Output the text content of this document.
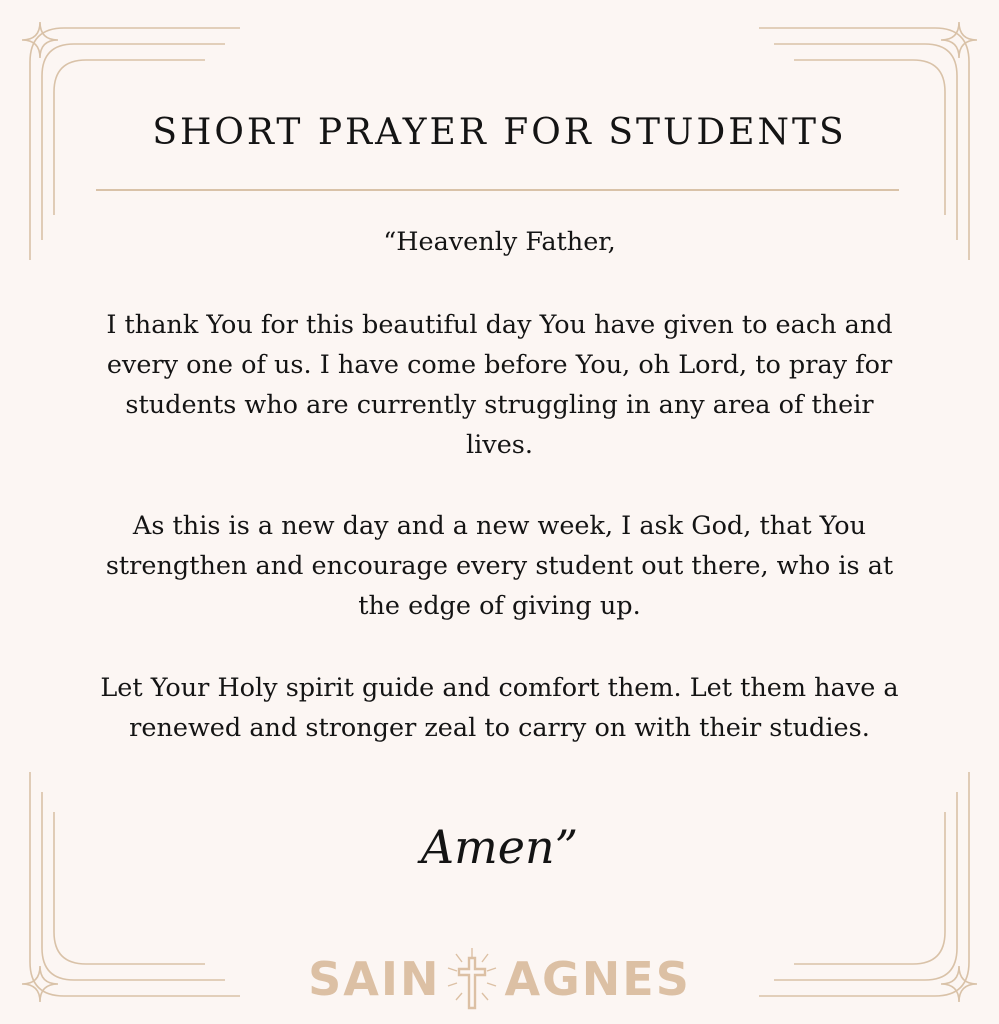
SHORT PRAYER FOR STUDENTS

“Heavenly Father,

I thank You for this beautiful day You have given to each and every one of us. I have come before You, oh Lord, to pray for students who are currently struggling in any area of their lives.

As this is a new day and a new week, I ask God, that You strengthen and encourage every student out there, who is at the edge of giving up.

Let Your Holy spirit guide and comfort them. Let them have a renewed and stronger zeal to carry on with their studies.

Amen”

SAIN AGNES
